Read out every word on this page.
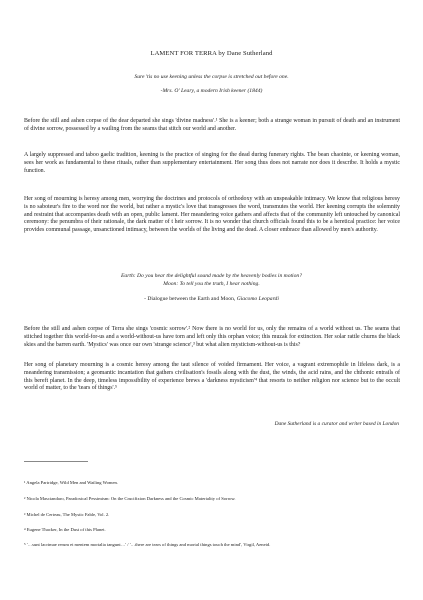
LAMENT FOR TERRA by Dane Sutherland
Sure 'tis no use keening unless the corpse is stretched out before one.
-Mrs. O' Leary, a modern Irish keener (1844)

Before the still and ashen corpse of the dear departed she sings 'divine madness'.¹ She is a keener; both a strange woman in pursuit of death and an instrument of divine sorrow, possessed by a wailing from the seams that stitch our world and another.

A largely suppressed and taboo gaelic tradition, keening is the practice of singing for the dead during funerary rights. The bean chaointe, or keening woman, sees her work as fundamental to these rituals, rather than supplementary entertainment. Her song thus does not narrate nor does it describe. It holds a mystic function.

Her song of mourning is heresy among men, worrying the doctrines and protocols of orthodoxy with an unspeakable intimacy. We know that religious heresy is no saboteur's fire to the word nor the world, but rather a mystic's love that transgresses the word, transmutes the world. Her keening corrupts the solemnity and restraint that accompanies death with an open, public lament. Her meandering voice gathers and affects that of the community left untouched by canonical ceremony: the penumbra of their rationale, the dark matter of t heir sorrow. It is no wonder that church officials found this to be a heretical practice: her voice provides communal passage, unsanctioned intimacy, between the worlds of the living and the dead. A closer embrace than allowed by men's authority.

Earth: Do you hear the delightful sound made by the heavenly bodies in motion?
Moon: To tell you the truth, I hear nothing.
- Dialogue between the Earth and Moon, Giacomo Leopardi

Before the still and ashen corpse of Terra she sings 'cosmic sorrow'.² Now there is no world for us, only the remains of a world without us. The seams that stitched together this world-for-us and a world-without-us have torn and left only this orphan voice; this muzak for extinction. Her solar rattle churns the black skies and the barren earth. 'Mystics' was once our own 'strange science',³ but what alien mysticism-without-us is this?

Her song of planetary mourning is a cosmic heresy among the taut silence of voided firmament. Her voice, a vagrant extremophile in lifeless dark, is a meandering transmission; a geomantic incantation that gathers civilisation's fossils along with the dust, the winds, the acid rains, and the chthonic entrails of this bereft planet. In the deep, timeless impossibility of experience brews a 'darkness mysticism'⁴ that resorts to neither religion nor science but to the occult world of matter, to the 'tears of things'.⁵

Dane Sutherland is a curator and writer based in London

¹ Angela Partridge, Wild Men and Wailing Women.

² Nicola Masciandaro, Paradoxical Pessimism: On the Crucifixion Darkness and the Cosmic Materiality of Sorrow.

³ Michel de Certeau, The Mystic Fable, Vol. 2.

⁴ Eugene Thacker, In the Dust of this Planet.

⁵ '…sunt lacrimae rerum et mentem mortalia tangunt…' / '…there are tears of things and mortal things touch the mind', Virgil, Aeneid.
